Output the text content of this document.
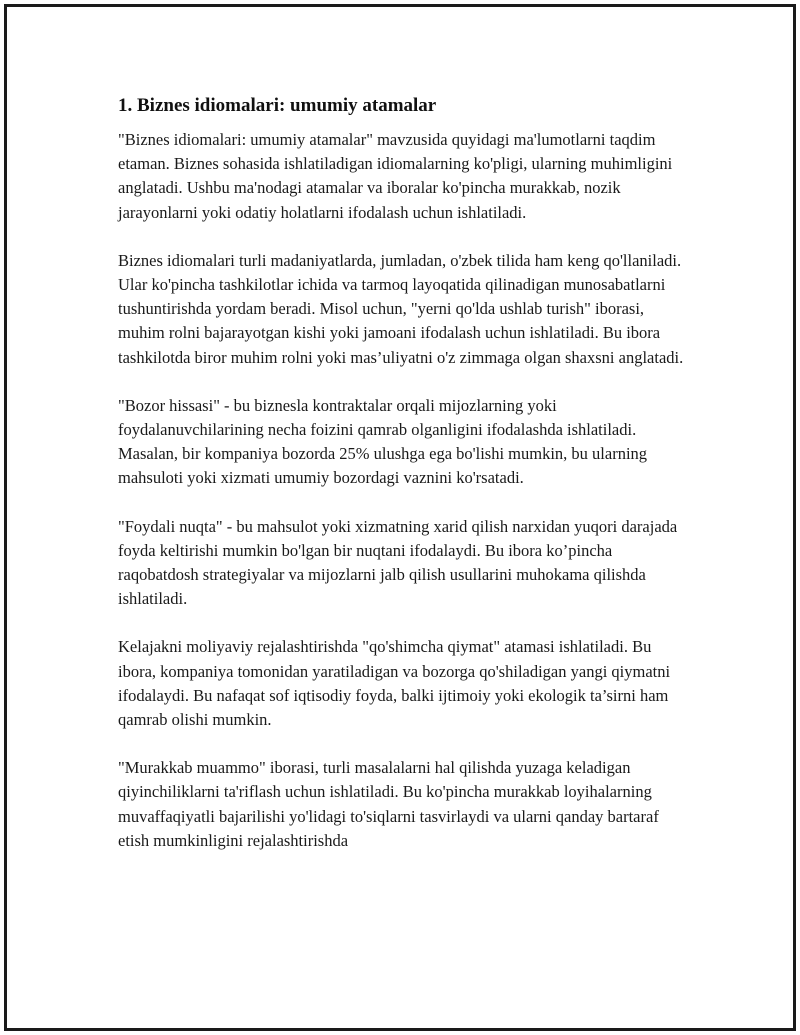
1. Biznes idiomalari: umumiy atamalar

"Biznes idiomalari: umumiy atamalar" mavzusida quyidagi ma'lumotlarni taqdim etaman. Biznes sohasida ishlatiladigan idiomalarning ko'pligi, ularning muhimligini anglatadi. Ushbu ma'nodagi atamalar va iboralar ko'pincha murakkab, nozik jarayonlarni yoki odatiy holatlarni ifodalash uchun ishlatiladi.

Biznes idiomalari turli madaniyatlarda, jumladan, o'zbek tilida ham keng qo'llaniladi. Ular ko'pincha tashkilotlar ichida va tarmoq layoqatida qilinadigan munosabatlarni tushuntirishda yordam beradi. Misol uchun, "yerni qo'lda ushlab turish" iborasi, muhim rolni bajarayotgan kishi yoki jamoani ifodalash uchun ishlatiladi. Bu ibora tashkilotda biror muhim rolni yoki mas’uliyatni o'z zimmaga olgan shaxsni anglatadi.

"Bozor hissasi" - bu biznesla kontraktalar orqali mijozlarning yoki foydalanuvchilarining necha foizini qamrab olganligini ifodalashda ishlatiladi. Masalan, bir kompaniya bozorda 25% ulushga ega bo'lishi mumkin, bu ularning mahsuloti yoki xizmati umumiy bozordagi vaznini ko'rsatadi.

"Foydali nuqta" - bu mahsulot yoki xizmatning xarid qilish narxidan yuqori darajada foyda keltirishi mumkin bo'lgan bir nuqtani ifodalaydi. Bu ibora ko’pincha raqobatdosh strategiyalar va mijozlarni jalb qilish usullarini muhokama qilishda ishlatiladi.

Kelajakni moliyaviy rejalashtirishda "qo'shimcha qiymat" atamasi ishlatiladi. Bu ibora, kompaniya tomonidan yaratiladigan va bozorga qo'shiladigan yangi qiymatni ifodalaydi. Bu nafaqat sof iqtisodiy foyda, balki ijtimoiy yoki ekologik ta’sirni ham qamrab olishi mumkin.

"Murakkab muammo" iborasi, turli masalalarni hal qilishda yuzaga keladigan qiyinchiliklarni ta'riflash uchun ishlatiladi. Bu ko'pincha murakkab loyihalarning muvaffaqiyatli bajarilishi yo'lidagi to'siqlarni tasvirlaydi va ularni qanday bartaraf etish mumkinligini rejalashtirishda
